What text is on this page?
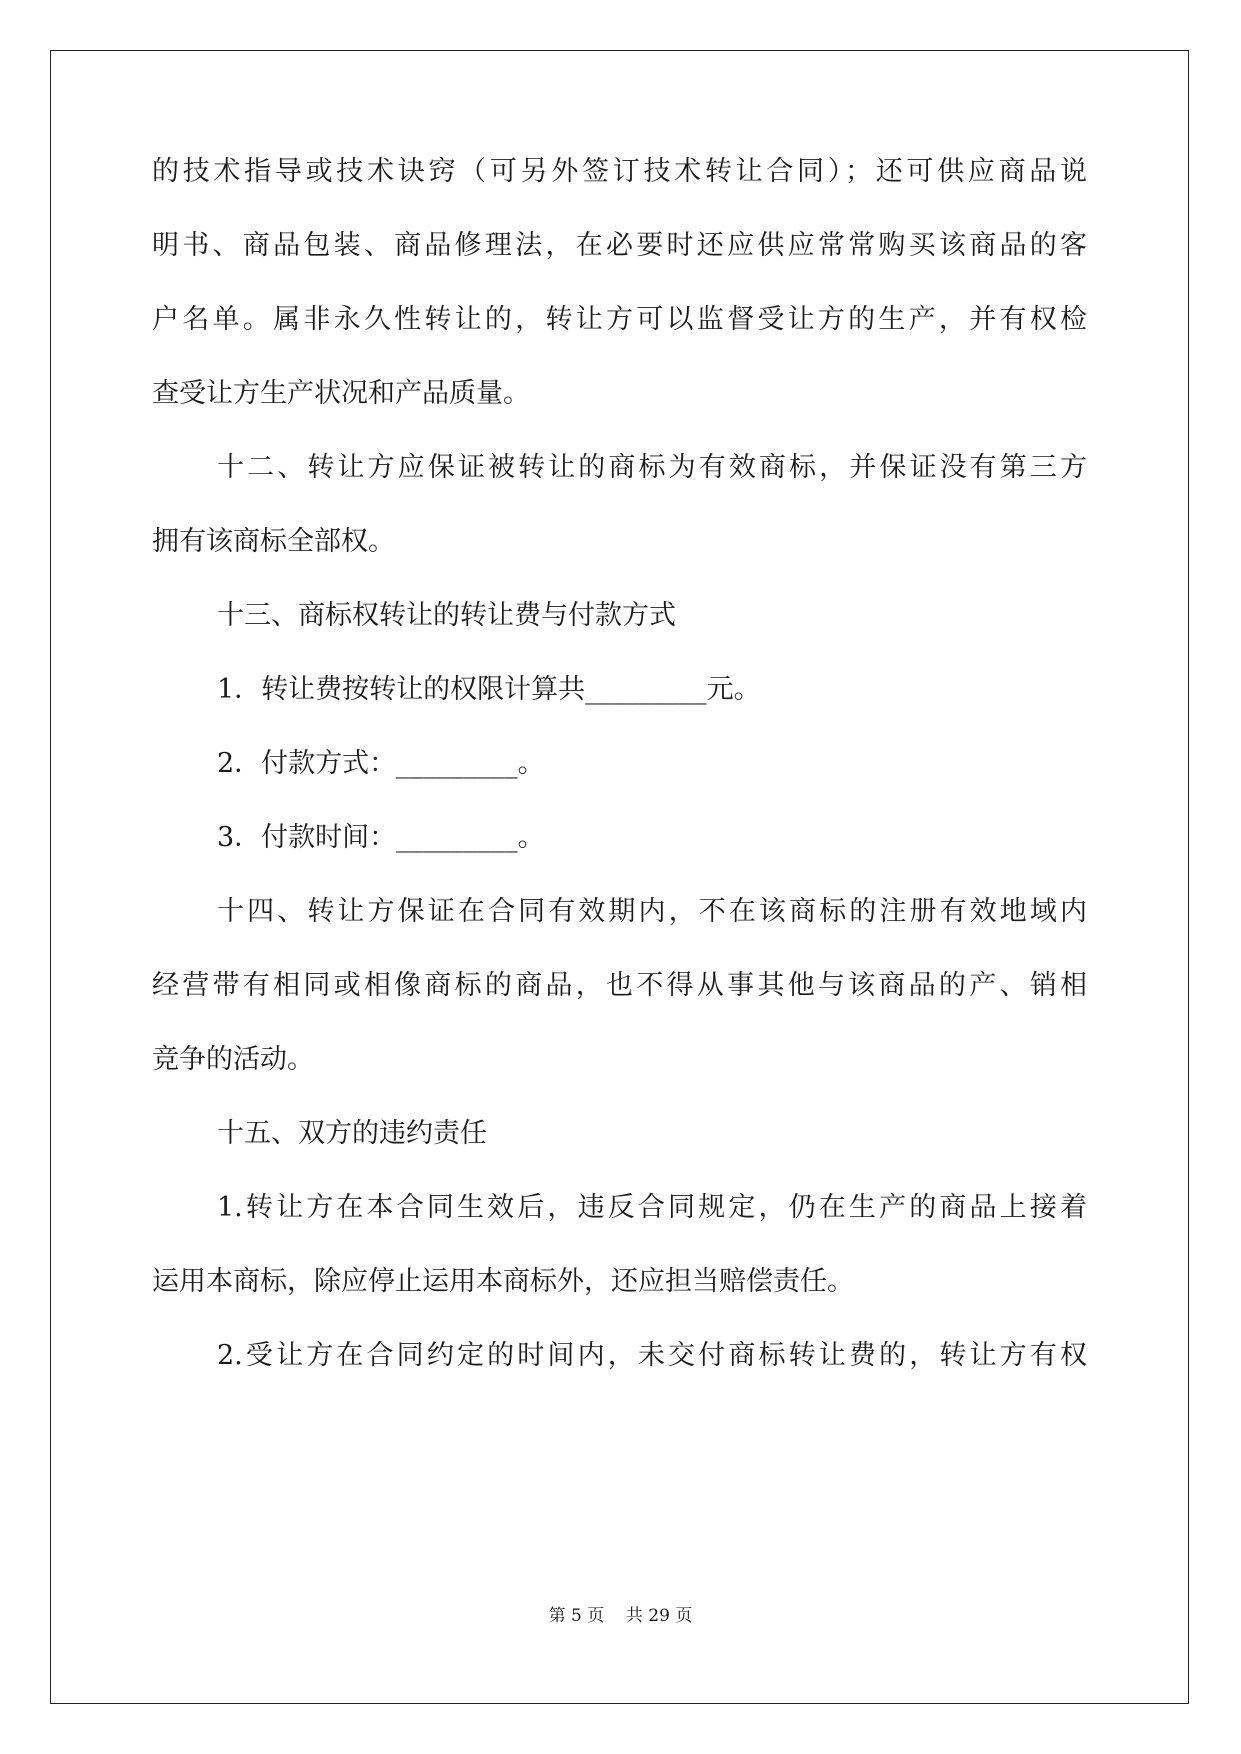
的技术指导或技术诀窍（可另外签订技术转让合同）；还可供应商品说
明书、商品包装、商品修理法，在必要时还应供应常常购买该商品的客
户名单。属非永久性转让的，转让方可以监督受让方的生产，并有权检
查受让方生产状况和产品质量。
十二、转让方应保证被转让的商标为有效商标，并保证没有第三方
拥有该商标全部权。
十三、商标权转让的转让费与付款方式
1．转让费按转让的权限计算共_________元。
2．付款方式：_________。
3．付款时间：_________。
十四、转让方保证在合同有效期内，不在该商标的注册有效地域内
经营带有相同或相像商标的商品，也不得从事其他与该商品的产、销相
竞争的活动。
十五、双方的违约责任
1.转让方在本合同生效后，违反合同规定，仍在生产的商品上接着
运用本商标，除应停止运用本商标外，还应担当赔偿责任。
2.受让方在合同约定的时间内，未交付商标转让费的，转让方有权
第 5 页 共 29 页
